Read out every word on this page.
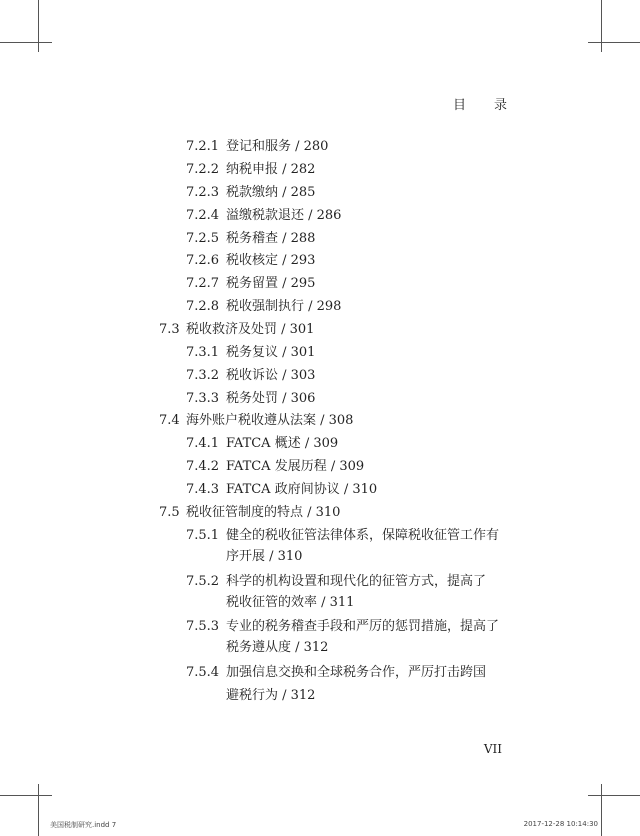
目 录
7.2.1 登记和服务 / 280
7.2.2 纳税申报 / 282
7.2.3 税款缴纳 / 285
7.2.4 溢缴税款退还 / 286
7.2.5 税务稽查 / 288
7.2.6 税收核定 / 293
7.2.7 税务留置 / 295
7.2.8 税收强制执行 / 298
7.3 税收救济及处罚 / 301
7.3.1 税务复议 / 301
7.3.2 税收诉讼 / 303
7.3.3 税务处罚 / 306
7.4 海外账户税收遵从法案 / 308
7.4.1 FATCA 概述 / 309
7.4.2 FATCA 发展历程 / 309
7.4.3 FATCA 政府间协议 / 310
7.5 税收征管制度的特点 / 310
7.5.1 健全的税收征管法律体系，保障税收征管工作有
序开展 / 310
7.5.2 科学的机构设置和现代化的征管方式，提高了
税收征管的效率 / 311
7.5.3 专业的税务稽查手段和严厉的惩罚措施，提高了
税务遵从度 / 312
7.5.4 加强信息交换和全球税务合作，严厉打击跨国
避税行为 / 312
VII
美国税制研究.indd 7	2017-12-28 10:14:30
